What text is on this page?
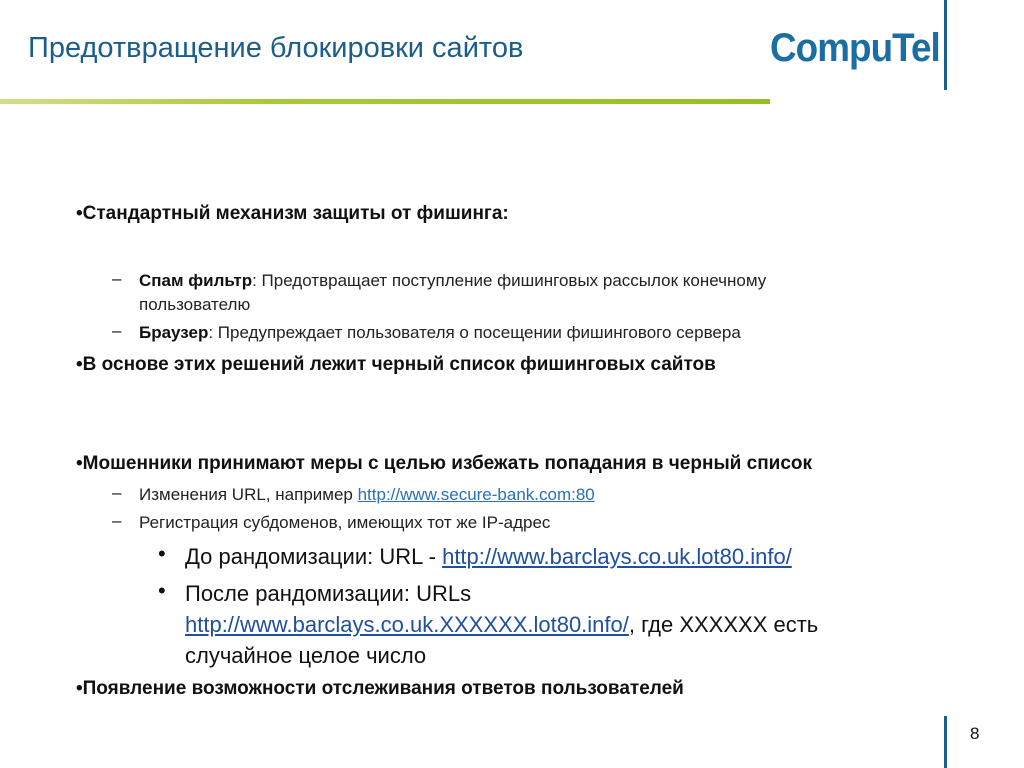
Предотвращение блокировки сайтов	CompuTel
•Стандартный механизм защиты от фишинга:
– Спам фильтр: Предотвращает поступление фишинговых рассылок конечному
пользователю
– Браузер: Предупреждает пользователя о посещении фишингового сервера
•В основе этих решений лежит черный список фишинговых сайтов
•Мошенники принимают меры с целью избежать попадания в черный список
– Изменения URL, например http://www.secure-bank.com:80
– Регистрация субдоменов, имеющих тот же IP-адрес
• До рандомизации: URL - http://www.barclays.co.uk.lot80.info/
• После рандомизации: URLs
http://www.barclays.co.uk.XXXXXX.lot80.info/, где XXXXXX есть
случайное целое число
•Появление возможности отслеживания ответов пользователей
8
